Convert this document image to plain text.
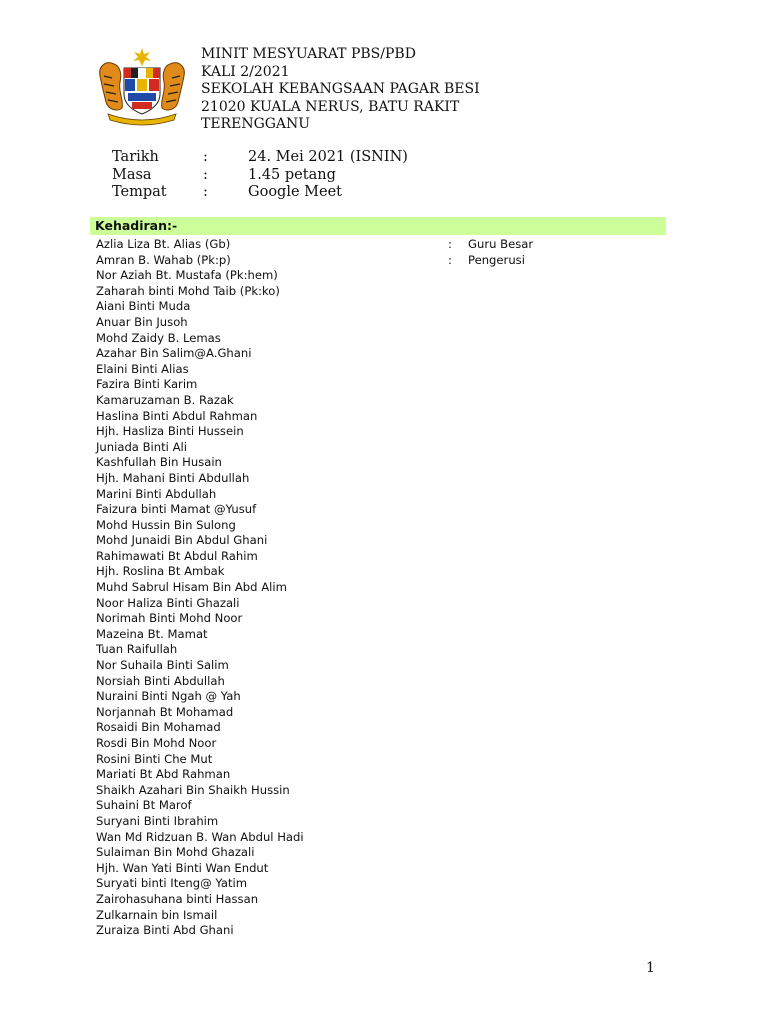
MINIT MESYUARAT PBS/PBD
KALI 2/2021
SEKOLAH KEBANGSAAN PAGAR BESI
21020 KUALA NERUS, BATU RAKIT
TERENGGANU
Tarikh	:	24. Mei 2021 (ISNIN)
Masa	:	1.45 petang
Tempat	:	Google Meet
Kehadiran:-
Azlia Liza Bt. Alias (Gb)	: Guru Besar
Amran B. Wahab (Pk:p)	: Pengerusi
Nor Aziah Bt. Mustafa (Pk:hem)
Zaharah binti Mohd Taib (Pk:ko)
Aiani Binti Muda
Anuar Bin Jusoh
Mohd Zaidy B. Lemas
Azahar Bin Salim@A.Ghani
Elaini Binti Alias
Fazira Binti Karim
Kamaruzaman B. Razak
Haslina Binti Abdul Rahman
Hjh. Hasliza Binti Hussein
Juniada Binti Ali
Kashfullah Bin Husain
Hjh. Mahani Binti Abdullah
Marini Binti Abdullah
Faizura binti Mamat @Yusuf
Mohd Hussin Bin Sulong
Mohd Junaidi Bin Abdul Ghani
Rahimawati Bt Abdul Rahim
Hjh. Roslina Bt Ambak
Muhd Sabrul Hisam Bin Abd Alim
Noor Haliza Binti Ghazali
Norimah Binti Mohd Noor
Mazeina Bt. Mamat
Tuan Raifullah
Nor Suhaila Binti Salim
Norsiah Binti Abdullah
Nuraini Binti Ngah @ Yah
Norjannah Bt Mohamad
Rosaidi Bin Mohamad
Rosdi Bin Mohd Noor
Rosini Binti Che Mut
Mariati Bt Abd Rahman
Shaikh Azahari Bin Shaikh Hussin
Suhaini Bt Marof
Suryani Binti Ibrahim
Wan Md Ridzuan B. Wan Abdul Hadi
Sulaiman Bin Mohd Ghazali
Hjh. Wan Yati Binti Wan Endut
Suryati binti Iteng@ Yatim
Zairohasuhana binti Hassan
Zulkarnain bin Ismail
Zuraiza Binti Abd Ghani
1
